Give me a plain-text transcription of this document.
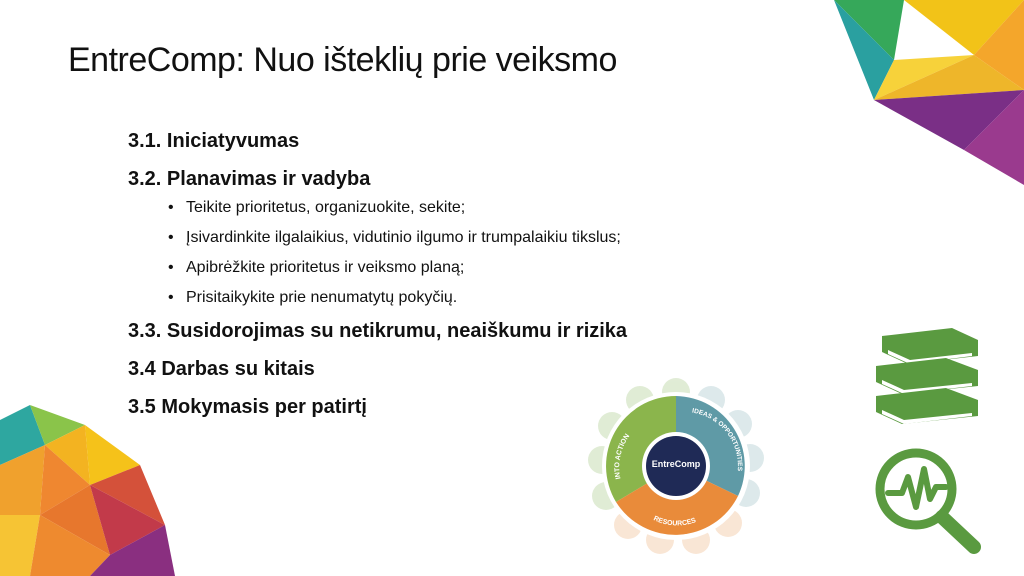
EntreComp: Nuo išteklių prie veiksmo

3.1. Iniciatyvumas

3.2. Planavimas ir vadyba

• Teikite prioritetus, organizuokite, sekite;
• Įsivardinkite ilgalaikius, vidutinio ilgumo ir trumpalaikiu tikslus;
• Apibrėžkite prioritetus ir veiksmo planą;
• Prisitaikykite prie nenumatytų pokyčių.

3.3. Susidorojimas su netikrumu, neaiškumu ir rizika

3.4 Darbas su kitais

3.5 Mokymasis per patirtį

INTO ACTION
IDEAS & OPPORTUNITIES
RESOURCES
EntreComp
